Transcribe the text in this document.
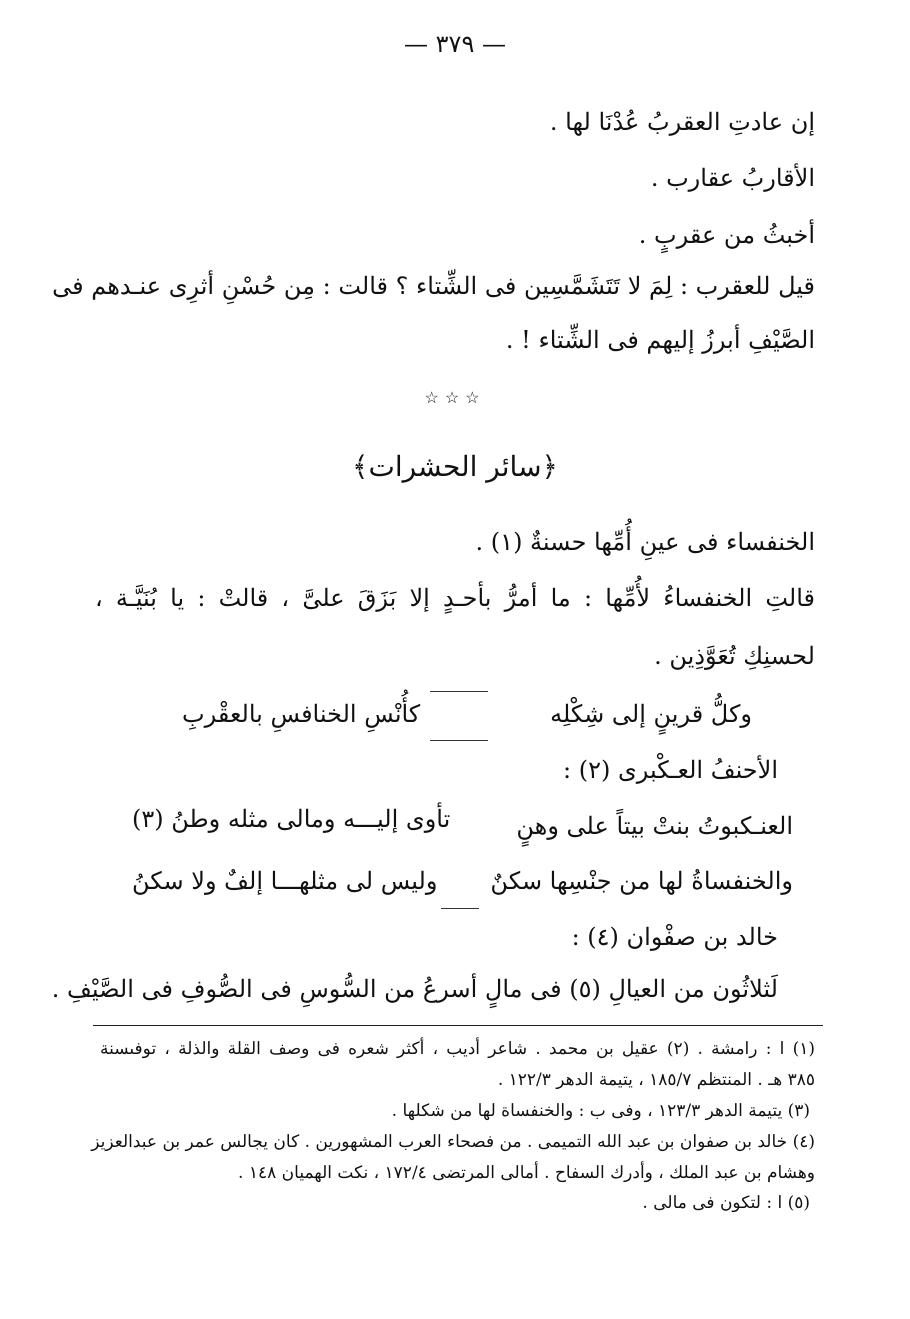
— ٣٧٩ —
إن عادتِ العقربُ عُدْنَا لها .
الأقاربُ عقارب .
أخبثُ من عقربٍ .
قيل للعقرب : لِمَ لا تَتَشَمَّسِين فى الشِّتاء ؟ قالت : مِن حُسْنِ أثرِى عنـدهم فى
الصَّيْفِ أبرزُ إليهم فى الشِّتاء ! .
☆☆☆
﴿سائر الحشرات﴾
الخنفساء فى عينِ أُمِّها حسنةٌ (١) .
قالتِ الخنفساءُ لأُمِّها : ما أمرُّ بأحـدٍ إلا بَزَقَ علىَّ ، قالتْ : يا بُنَيَّـة ،
لحسنِكِ تُعَوَّذِين .
وكلُّ قرينٍ إلى شِكْلِه
كأُنْسِ الخنافسِ بالعقْربِ
الأحنفُ العـكْبرى (٢) :
العنـكبوتُ بنتْ بيتاً على وهنٍ
تأوى إليـــه ومالى مثله وطنُ (٣)
والخنفساةُ لها من جنْسِها سكنٌ
وليس لى مثلهـــا إلفٌ ولا سكنُ
خالد بن صفْوان (٤) :
لَثلاثُون من العيالِ (٥) فى مالٍ أسرعُ من السُّوسِ فى الصُّوفِ فى الصَّيْفِ .
(١) ا : رامشة . (٢) عقيل بن محمد . شاعر أديب ، أكثر شعره فى وصف القلة والذلة ، توفىسنة
٣٨٥ هـ . المنتظم ١٨٥/٧ ، يتيمة الدهر ١٢٢/٣ .
(٣) يتيمة الدهر ١٢٣/٣ ، وفى ب : والخنفساة لها من شكلها .
(٤) خالد بن صفوان بن عبد الله التميمى . من فصحاء العرب المشهورين . كان يجالس عمر بن عبدالعزيز
وهشام بن عبد الملك ، وأدرك السفاح . أمالى المرتضى ١٧٢/٤ ، نكت الهميان ١٤٨ .
(٥) ا : لتكون فى مالى .
